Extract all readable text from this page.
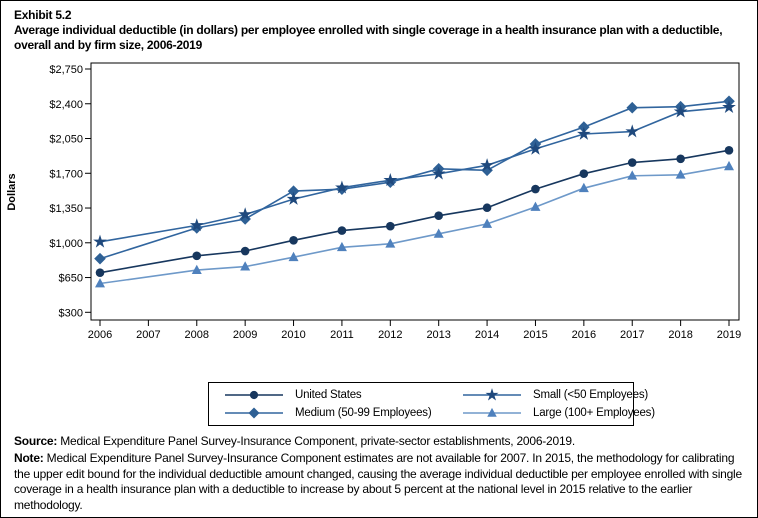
Exhibit 5.2
Average individual deductible (in dollars) per employee enrolled with single coverage in a health insurance plan with a deductible, overall and by firm size, 2006-2019
Dollars
$2,750
$2,400
$2,050
$1,700
$1,350
$1,000
$650
$300
2006 2007 2008 2009 2010 2011 2012 2013 2014 2015 2016 2017 2018 2019
United States	Small (<50 Employees)
Medium (50-99 Employees)	Large (100+ Employees)
Source: Medical Expenditure Panel Survey-Insurance Component, private-sector establishments, 2006-2019.
Note: Medical Expenditure Panel Survey-Insurance Component estimates are not available for 2007. In 2015, the methodology for calibrating the upper edit bound for the individual deductible amount changed, causing the average individual deductible per employee enrolled with single coverage in a health insurance plan with a deductible to increase by about 5 percent at the national level in 2015 relative to the earlier methodology.
